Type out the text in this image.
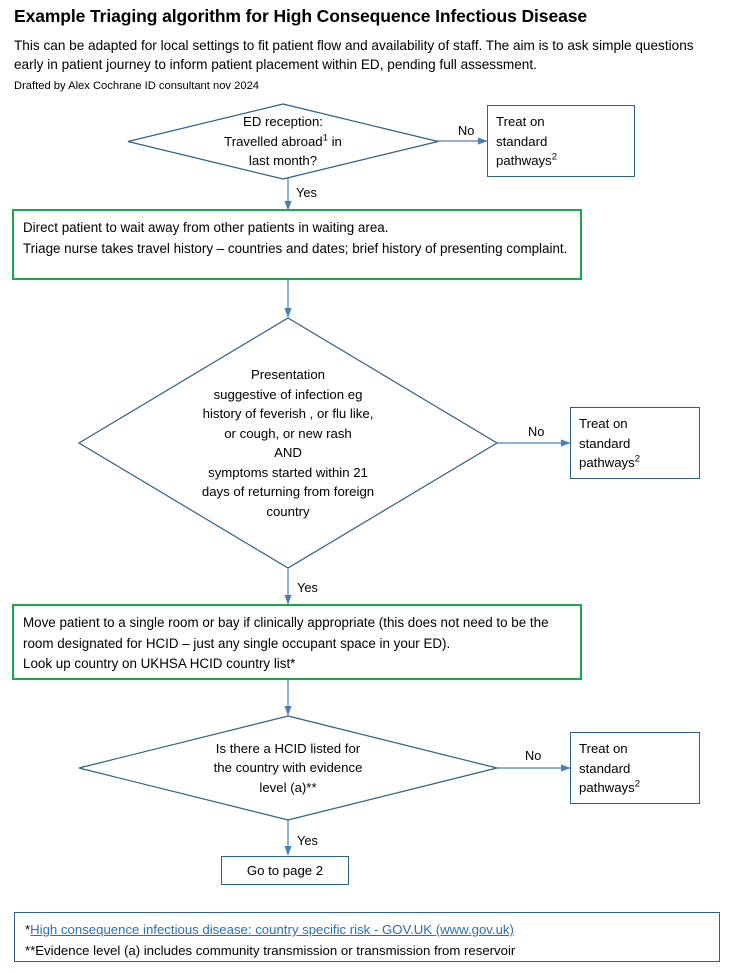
Example Triaging algorithm for High Consequence Infectious Disease
This can be adapted for local settings to fit patient flow and availability of staff. The aim is to ask simple questions early in patient journey to inform patient placement within ED, pending full assessment.
Drafted by Alex Cochrane ID consultant nov 2024
ED reception:
Travelled abroad$^1$ in
last month?
No
Yes
Treat on
standard
pathways$^2$
Direct patient to wait away from other patients in waiting area.
Triage nurse takes travel history – countries and dates; brief history of presenting complaint.
Presentation
suggestive of infection eg
history of feverish , or flu like,
or cough, or new rash
AND
symptoms started within 21
days of returning from foreign
country
No
Yes
Treat on
standard
pathways$^2$
Move patient to a single room or bay if clinically appropriate (this does not need to be the room designated for HCID – just any single occupant space in your ED).
Look up country on UKHSA HCID country list*
Is there a HCID listed for
the country with evidence
level (a)**
No
Yes
Treat on
standard
pathways$^2$
Go to page 2
*High consequence infectious disease: country specific risk - GOV.UK (www.gov.uk)
**Evidence level (a) includes community transmission or transmission from reservoir
